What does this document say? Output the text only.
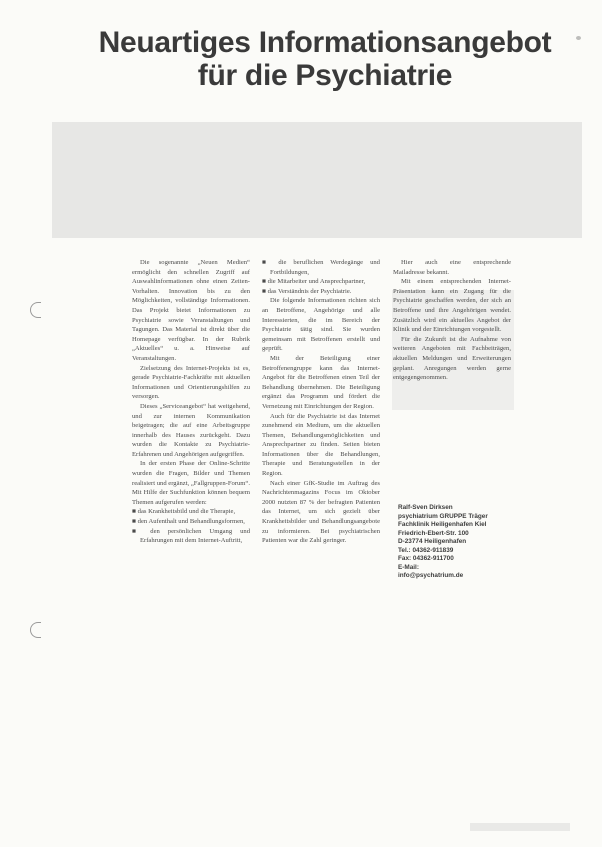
Neuartiges Informationsangebot
für die Psychiatrie

Die sogenannte „Neuen Medien“ ermöglicht den schnellen Zugriff auf Auswahlinformationen ohne einen Zeiten-Vorhalten. Innovation bis zu den Möglichkeiten, vollständige Informationen. Das Projekt bietet Informationen zu Psychiatrie sowie Veranstaltungen und Tagungen. Das Material ist direkt über die Homepage verfügbar. In der Rubrik „Aktuelles“ u. a. Hinweise auf Veranstaltungen.

Zielsetzung des Internet-Projekts ist es, gerade Psychiatrie-Fachkräfte mit aktuellen Informationen und Orientierungshilfen zu versorgen.

Dieses „Serviceangebot“ hat weitgehend, und zur internen Kommunikation beigetragen; die auf eine Arbeitsgruppe innerhalb des Hauses zurückgeht. Dazu wurden die Kontakte zu Psychiatrie-Erfahrenen und Angehörigen aufgegriffen.

In der ersten Phase der Online-Schritte wurden die Fragen, Bilder und Themen realisiert und ergänzt, „Fallgruppen-Forum“. Mit Hilfe der Suchfunktion können bequem Themen aufgerufen werden:

■ das Krankheitsbild und die Therapie,
■ den Aufenthalt und Behandlungsformen,
■ den persönlichen Umgang und Erfahrungen mit dem Internet-Auftritt,
■ die beruflichen Werdegänge und Fortbildungen,
■ die Mitarbeiter und Ansprechpartner,
■ das Verständnis der Psychiatrie.

Die folgende Informationen richten sich an Betroffene, Angehörige und alle Interessierten, die im Bereich der Psychiatrie tätig sind. Sie wurden gemeinsam mit Betroffenen erstellt und geprüft.

Mit der Beteiligung einer Betroffenengruppe kann das Internet-Angebot für die Betroffenen einen Teil der Behandlung übernehmen. Die Beteiligung ergänzt das Programm und fördert die Vernetzung mit Einrichtungen der Region.

Auch für die Psychiatrie ist das Internet zunehmend ein Medium, um die aktuellen Themen, Behandlungsmöglichkeiten und Ansprechpartner zu finden. Seiten bieten Informationen über die Behandlungen, Therapie und Beratungsstellen in der Region.

Nach einer GfK-Studie im Auftrag des Nachrichtenmagazins Focus im Oktober 2000 nutzten 87 % der befragten Patienten das Internet, um sich gezielt über Krankheitsbilder und Behandlungsangebote zu informieren. Bei psychiatrischen Patienten war die Zahl geringer.

Hier auch eine entsprechende Mailadresse bekannt.

Mit einem entsprechenden Internet-Präsentation kann ein Zugang für die Psychiatrie geschaffen werden, der sich an Betroffene und ihre Angehörigen wendet. Zusätzlich wird ein aktuelles Angebot der Klinik und der Einrichtungen vorgestellt.

Für die Zukunft ist die Aufnahme von weiteren Angeboten mit Fachbeiträgen, aktuellen Meldungen und Erweiterungen geplant. Anregungen werden gerne entgegengenommen.

Ralf-Sven Dirksen
psychiatrium GRUPPE Träger
Fachklinik Heiligenhafen Kiel
Friedrich-Ebert-Str. 100
D-23774 Heiligenhafen
Tel.: 04362-911839
Fax: 04362-911700
E-Mail:
info@psychatrium.de
